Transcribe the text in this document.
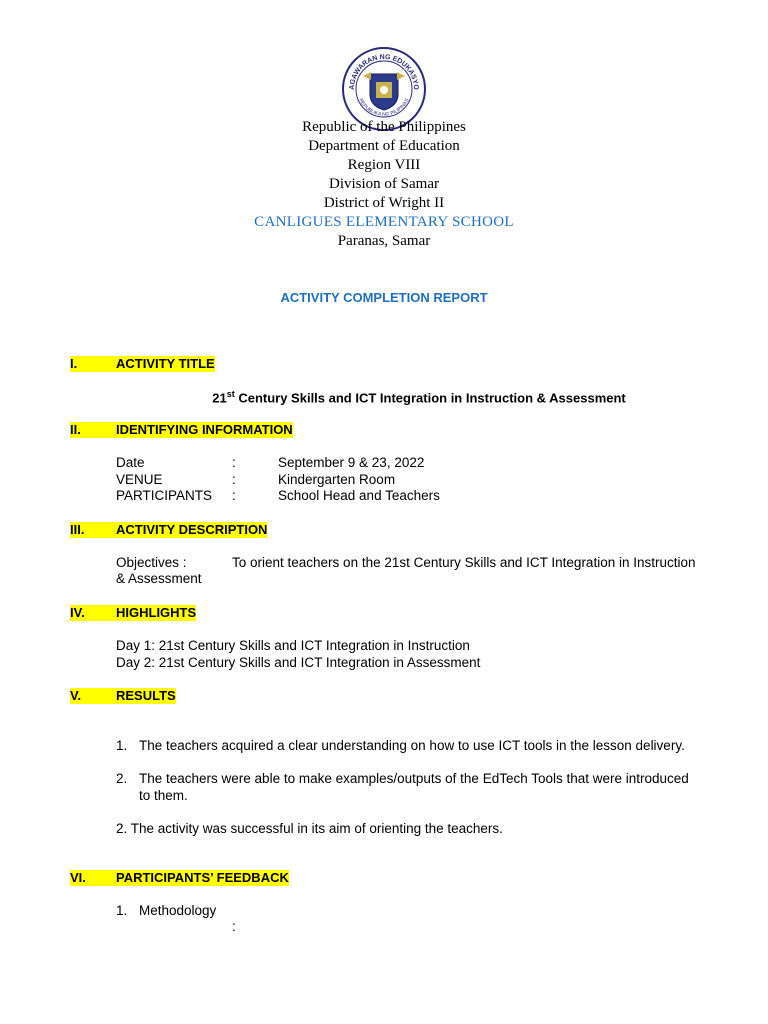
AGAWARAN NG EDUKASYO
REPUBLIKA NG PILIPINAS
Republic of the Philippines
Department of Education
Region VIII
Division of Samar
District of Wright II
CANLIGUES ELEMENTARY SCHOOL
Paranas, Samar
ACTIVITY COMPLETION REPORT
I.	ACTIVITY TITLE
21st Century Skills and ICT Integration in Instruction & Assessment
II.	IDENTIFYING INFORMATION
Date	:	September 9 & 23, 2022
VENUE	:	Kindergarten Room
PARTICIPANTS :	School Head and Teachers
III.	ACTIVITY DESCRIPTION
Objectives :	To orient teachers on the 21st Century Skills and ICT Integration in Instruction
& Assessment
IV.	HIGHLIGHTS
Day 1: 21st Century Skills and ICT Integration in Instruction
Day 2: 21st Century Skills and ICT Integration in Assessment
V.	RESULTS
1. The teachers acquired a clear understanding on how to use ICT tools in the lesson delivery.
2. The teachers were able to make examples/outputs of the EdTech Tools that were introduced
to them.
2. The activity was successful in its aim of orienting the teachers.
VI.	PARTICIPANTS’ FEEDBACK
1. Methodology
:
